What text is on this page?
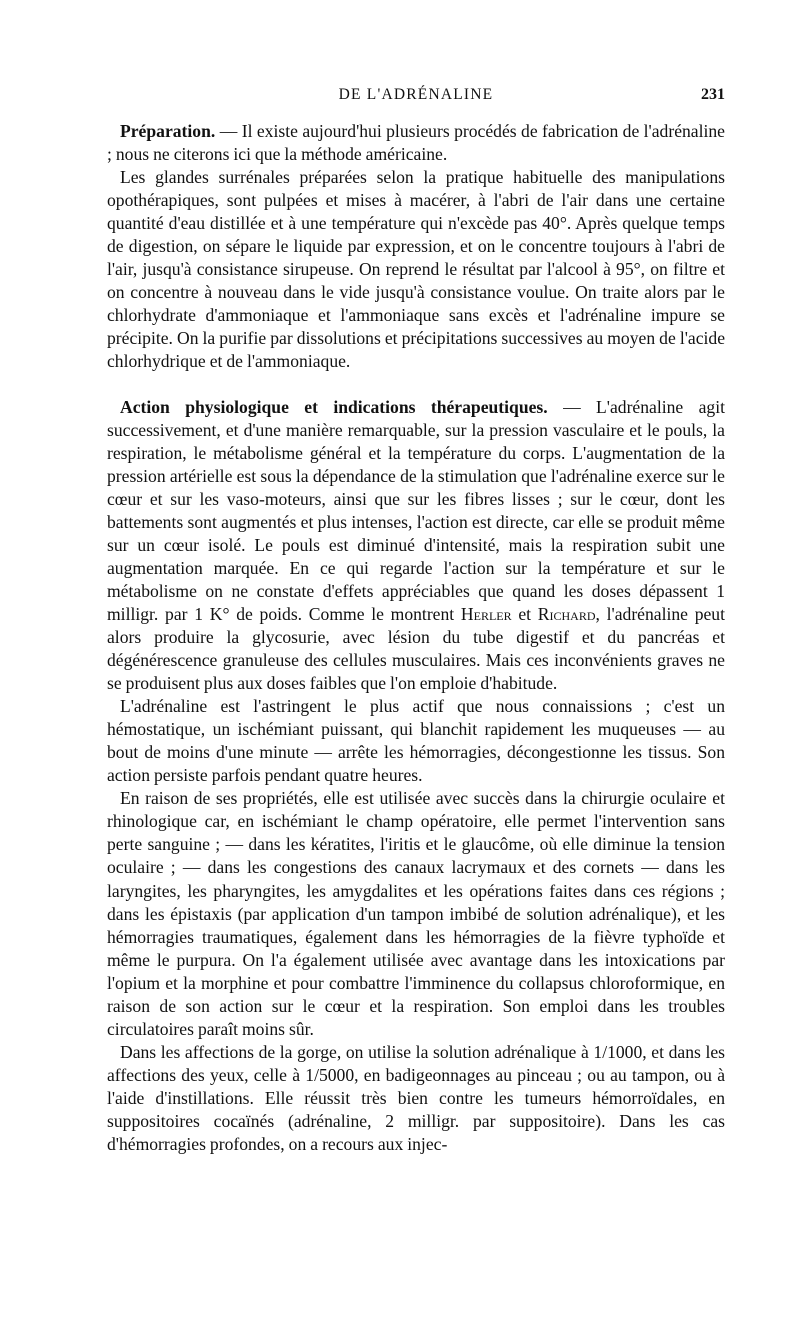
DE L'ADRÉNALINE	231

Préparation. — Il existe aujourd'hui plusieurs procédés de fabrication de l'adrénaline ; nous ne citerons ici que la méthode américaine.

Les glandes surrénales préparées selon la pratique habituelle des manipulations opothérapiques, sont pulpées et mises à macérer, à l'abri de l'air dans une certaine quantité d'eau distillée et à une température qui n'excède pas 40°. Après quelque temps de digestion, on sépare le liquide par expression, et on le concentre toujours à l'abri de l'air, jusqu'à consistance sirupeuse. On reprend le résultat par l'alcool à 95°, on filtre et on concentre à nouveau dans le vide jusqu'à consistance voulue. On traite alors par le chlorhydrate d'ammoniaque et l'ammoniaque sans excès et l'adrénaline impure se précipite. On la purifie par dissolutions et précipitations successives au moyen de l'acide chlorhydrique et de l'ammoniaque.

Action physiologique et indications thérapeutiques. — L'adrénaline agit successivement, et d'une manière remarquable, sur la pression vasculaire et le pouls, la respiration, le métabolisme général et la température du corps. L'augmentation de la pression artérielle est sous la dépendance de la stimulation que l'adrénaline exerce sur le cœur et sur les vaso-moteurs, ainsi que sur les fibres lisses ; sur le cœur, dont les battements sont augmentés et plus intenses, l'action est directe, car elle se produit même sur un cœur isolé. Le pouls est diminué d'intensité, mais la respiration subit une augmentation marquée. En ce qui regarde l'action sur la température et sur le métabolisme on ne constate d'effets appréciables que quand les doses dépassent 1 milligr. par 1 K° de poids. Comme le montrent Herler et Richard, l'adrénaline peut alors produire la glycosurie, avec lésion du tube digestif et du pancréas et dégénérescence granuleuse des cellules musculaires. Mais ces inconvénients graves ne se produisent plus aux doses faibles que l'on emploie d'habitude.

L'adrénaline est l'astringent le plus actif que nous connaissions ; c'est un hémostatique, un ischémiant puissant, qui blanchit rapidement les muqueuses — au bout de moins d'une minute — arrête les hémorragies, décongestionne les tissus. Son action persiste parfois pendant quatre heures.

En raison de ses propriétés, elle est utilisée avec succès dans la chirurgie oculaire et rhinologique car, en ischémiant le champ opératoire, elle permet l'intervention sans perte sanguine ; — dans les kératites, l'iritis et le glaucôme, où elle diminue la tension oculaire ; — dans les congestions des canaux lacrymaux et des cornets — dans les laryngites, les pharyngites, les amygdalites et les opérations faites dans ces régions ; dans les épistaxis (par application d'un tampon imbibé de solution adrénalique), et les hémorragies traumatiques, également dans les hémorragies de la fièvre typhoïde et même le purpura. On l'a également utilisée avec avantage dans les intoxications par l'opium et la morphine et pour combattre l'imminence du collapsus chloroformique, en raison de son action sur le cœur et la respiration. Son emploi dans les troubles circulatoires paraît moins sûr.

Dans les affections de la gorge, on utilise la solution adrénalique à 1/1000, et dans les affections des yeux, celle à 1/5000, en badigeonnages au pinceau ; ou au tampon, ou à l'aide d'instillations. Elle réussit très bien contre les tumeurs hémorroïdales, en suppositoires cocaïnés (adrénaline, 2 milligr. par suppositoire). Dans les cas d'hémorragies profondes, on a recours aux injec-
